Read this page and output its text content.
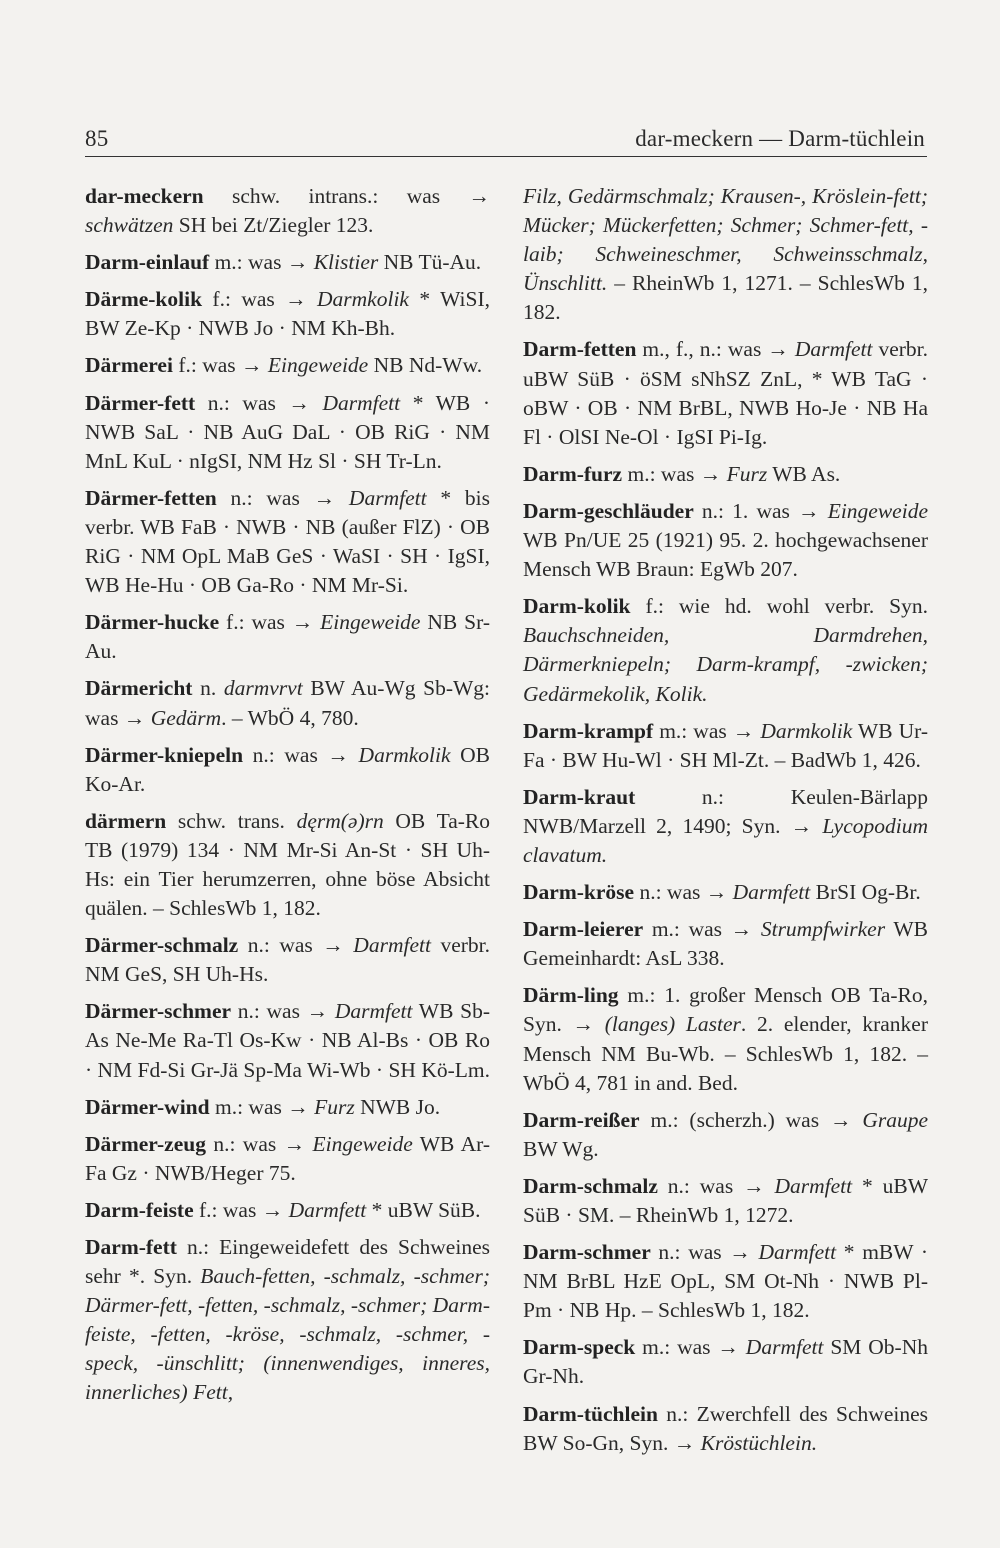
85	dar-meckern — Darm-tüchlein

dar-meckern schw. intrans.: was → schwätzen SH bei Zt/Ziegler 123.

Darm-einlauf m.: was → Klistier NB Tü-Au.

Därme-kolik f.: was → Darmkolik * WiSI, BW Ze-Kp · NWB Jo · NM Kh-Bh.

Därmerei f.: was → Eingeweide NB Nd-Ww.

Därmer-fett n.: was → Darmfett * WB · NWB SaL · NB AuG DaL · OB RiG · NM MnL KuL · nIgSI, NM Hz Sl · SH Tr-Ln.

Därmer-fetten n.: was → Darmfett * bis verbr. WB FaB · NWB · NB (außer FlZ) · OB RiG · NM OpL MaB GeS · WaSI · SH · IgSI, WB He-Hu · OB Ga-Ro · NM Mr-Si.

Därmer-hucke f.: was → Eingeweide NB Sr-Au.

Därmericht n. darmvrvt BW Au-Wg Sb-Wg: was → Gedärm. – WbÖ 4, 780.

Därmer-kniepeln n.: was → Darmkolik OB Ko-Ar.

därmern schw. trans. dęrm(ə)rn OB Ta-Ro TB (1979) 134 · NM Mr-Si An-St · SH Uh-Hs: ein Tier herumzerren, ohne böse Absicht quälen. – SchlesWb 1, 182.

Därmer-schmalz n.: was → Darmfett verbr. NM GeS, SH Uh-Hs.

Därmer-schmer n.: was → Darmfett WB Sb-As Ne-Me Ra-Tl Os-Kw · NB Al-Bs · OB Ro · NM Fd-Si Gr-Jä Sp-Ma Wi-Wb · SH Kö-Lm.

Därmer-wind m.: was → Furz NWB Jo.

Därmer-zeug n.: was → Eingeweide WB Ar-Fa Gz · NWB/Heger 75.

Darm-feiste f.: was → Darmfett * uBW SüB.

Darm-fett n.: Eingeweidefett des Schweines sehr *. Syn. Bauch-fetten, -schmalz, -schmer; Därmer-fett, -fetten, -schmalz, -schmer; Darm-feiste, -fetten, -kröse, -schmalz, -schmer, -speck, -ünschlitt; (innenwendiges, inneres, innerliches) Fett,

Filz, Gedärmschmalz; Krausen-, Kröslein-fett; Mücker; Mückerfetten; Schmer; Schmer-fett, -laib; Schweineschmer, Schweinsschmalz, Ünschlitt. – RheinWb 1, 1271. – SchlesWb 1, 182.

Darm-fetten m., f., n.: was → Darmfett verbr. uBW SüB · öSM sNhSZ ZnL, * WB TaG · oBW · OB · NM BrBL, NWB Ho-Je · NB Ha Fl · OlSI Ne-Ol · IgSI Pi-Ig.

Darm-furz m.: was → Furz WB As.

Darm-geschläuder n.: 1. was → Eingeweide WB Pn/UE 25 (1921) 95. 2. hochgewachsener Mensch WB Braun: EgWb 207.

Darm-kolik f.: wie hd. wohl verbr. Syn. Bauchschneiden, Darmdrehen, Därmerkniepeln; Darm-krampf, -zwicken; Gedärmekolik, Kolik.

Darm-krampf m.: was → Darmkolik WB Ur-Fa · BW Hu-Wl · SH Ml-Zt. – BadWb 1, 426.

Darm-kraut n.: Keulen-Bärlapp NWB/Marzell 2, 1490; Syn. → Lycopodium clavatum.

Darm-kröse n.: was → Darmfett BrSI Og-Br.

Darm-leierer m.: was → Strumpfwirker WB Gemeinhardt: AsL 338.

Därm-ling m.: 1. großer Mensch OB Ta-Ro, Syn. → (langes) Laster. 2. elender, kranker Mensch NM Bu-Wb. – SchlesWb 1, 182. – WbÖ 4, 781 in and. Bed.

Darm-reißer m.: (scherzh.) was → Graupe BW Wg.

Darm-schmalz n.: was → Darmfett * uBW SüB · SM. – RheinWb 1, 1272.

Darm-schmer n.: was → Darmfett * mBW · NM BrBL HzE OpL, SM Ot-Nh · NWB Pl-Pm · NB Hp. – SchlesWb 1, 182.

Darm-speck m.: was → Darmfett SM Ob-Nh Gr-Nh.

Darm-tüchlein n.: Zwerchfell des Schweines BW So-Gn, Syn. → Kröstüchlein.
